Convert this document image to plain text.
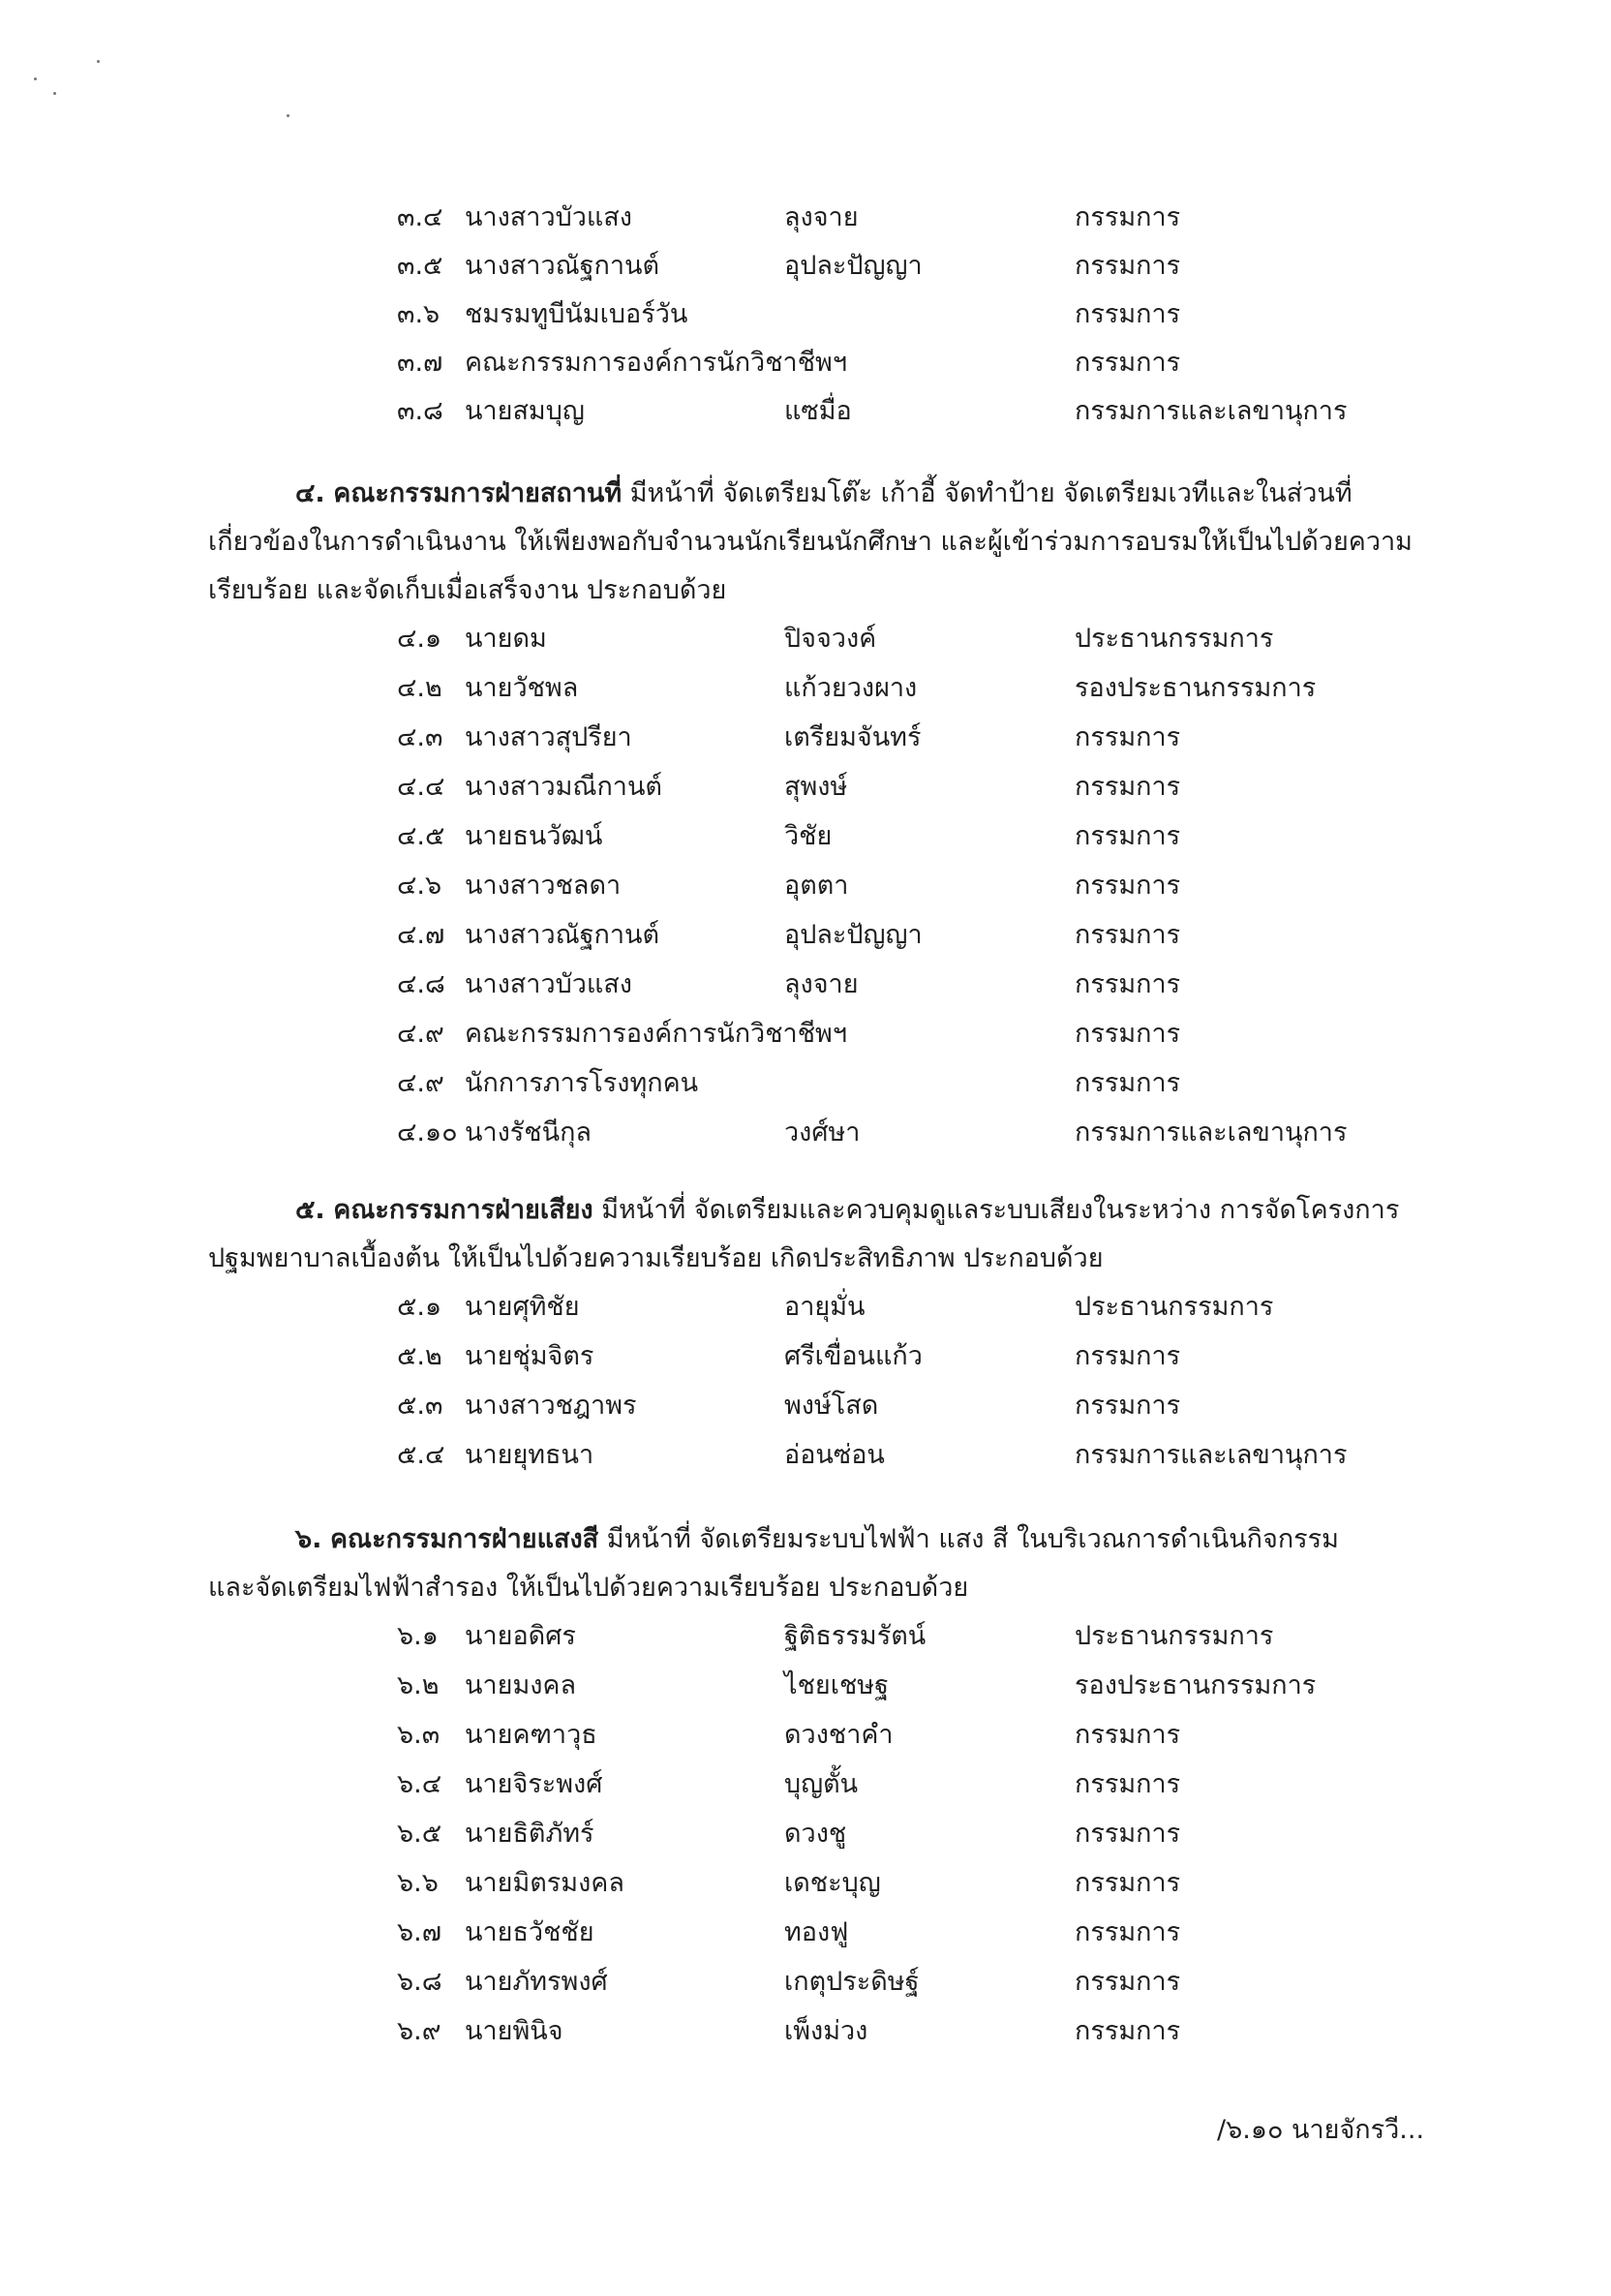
๓.๔ นางสาวบัวแสง	ลุงจาย	กรรมการ
๓.๕ นางสาวณัฐกานต์	อุปละปัญญา	กรรมการ
๓.๖ ชมรมทูบีนัมเบอร์วัน	กรรมการ
๓.๗ คณะกรรมการองค์การนักวิชาชีพฯ	กรรมการ
๓.๘ นายสมบุญ	แซมื่อ	กรรมการและเลขานุการ
๔. คณะกรรมการฝ่ายสถานที่ มีหน้าที่ จัดเตรียมโต๊ะ เก้าอี้ จัดทำป้าย จัดเตรียมเวทีและในส่วนที่
เกี่ยวข้องในการดำเนินงาน ให้เพียงพอกับจำนวนนักเรียนนักศึกษา และผู้เข้าร่วมการอบรมให้เป็นไปด้วยความ
เรียบร้อย และจัดเก็บเมื่อเสร็จงาน ประกอบด้วย
๔.๑ นายดม	ปิจจวงค์	ประธานกรรมการ
๔.๒ นายวัชพล	แก้วยวงผาง	รองประธานกรรมการ
๔.๓ นางสาวสุปรียา	เตรียมจันทร์	กรรมการ
๔.๔ นางสาวมณีกานต์	สุพงษ์	กรรมการ
๔.๕ นายธนวัฒน์	วิชัย	กรรมการ
๔.๖ นางสาวชลดา	อุตตา	กรรมการ
๔.๗ นางสาวณัฐกานต์	อุปละปัญญา	กรรมการ
๔.๘ นางสาวบัวแสง	ลุงจาย	กรรมการ
๔.๙ คณะกรรมการองค์การนักวิชาชีพฯ	กรรมการ
๔.๙ นักการภารโรงทุกคน	กรรมการ
๔.๑๐ นางรัชนีกุล	วงศ์ษา	กรรมการและเลขานุการ
๕. คณะกรรมการฝ่ายเสียง มีหน้าที่ จัดเตรียมและควบคุมดูแลระบบเสียงในระหว่าง การจัดโครงการ
ปฐมพยาบาลเบื้องต้น ให้เป็นไปด้วยความเรียบร้อย เกิดประสิทธิภาพ ประกอบด้วย
๕.๑ นายศุทิชัย	อายุมั่น	ประธานกรรมการ
๕.๒ นายชุ่มจิตร	ศรีเขื่อนแก้ว	กรรมการ
๕.๓ นางสาวชฎาพร	พงษ์โสด	กรรมการ
๕.๔ นายยุทธนา	อ่อนซ่อน	กรรมการและเลขานุการ
๖. คณะกรรมการฝ่ายแสงสี มีหน้าที่ จัดเตรียมระบบไฟฟ้า แสง สี ในบริเวณการดำเนินกิจกรรม
และจัดเตรียมไฟฟ้าสำรอง ให้เป็นไปด้วยความเรียบร้อย ประกอบด้วย
๖.๑ นายอดิศร	ฐิติธรรมรัตน์	ประธานกรรมการ
๖.๒ นายมงคล	ไชยเชษฐ	รองประธานกรรมการ
๖.๓ นายคฑาวุธ	ดวงชาคำ	กรรมการ
๖.๔ นายจิระพงศ์	บุญตั้น	กรรมการ
๖.๕ นายธิติภัทร์	ดวงชู	กรรมการ
๖.๖ นายมิตรมงคล	เดชะบุญ	กรรมการ
๖.๗ นายธวัชชัย	ทองฟู	กรรมการ
๖.๘ นายภัทรพงศ์	เกตุประดิษฐ์	กรรมการ
๖.๙ นายพินิจ	เพ็งม่วง	กรรมการ
/๖.๑๐ นายจักรวี...
